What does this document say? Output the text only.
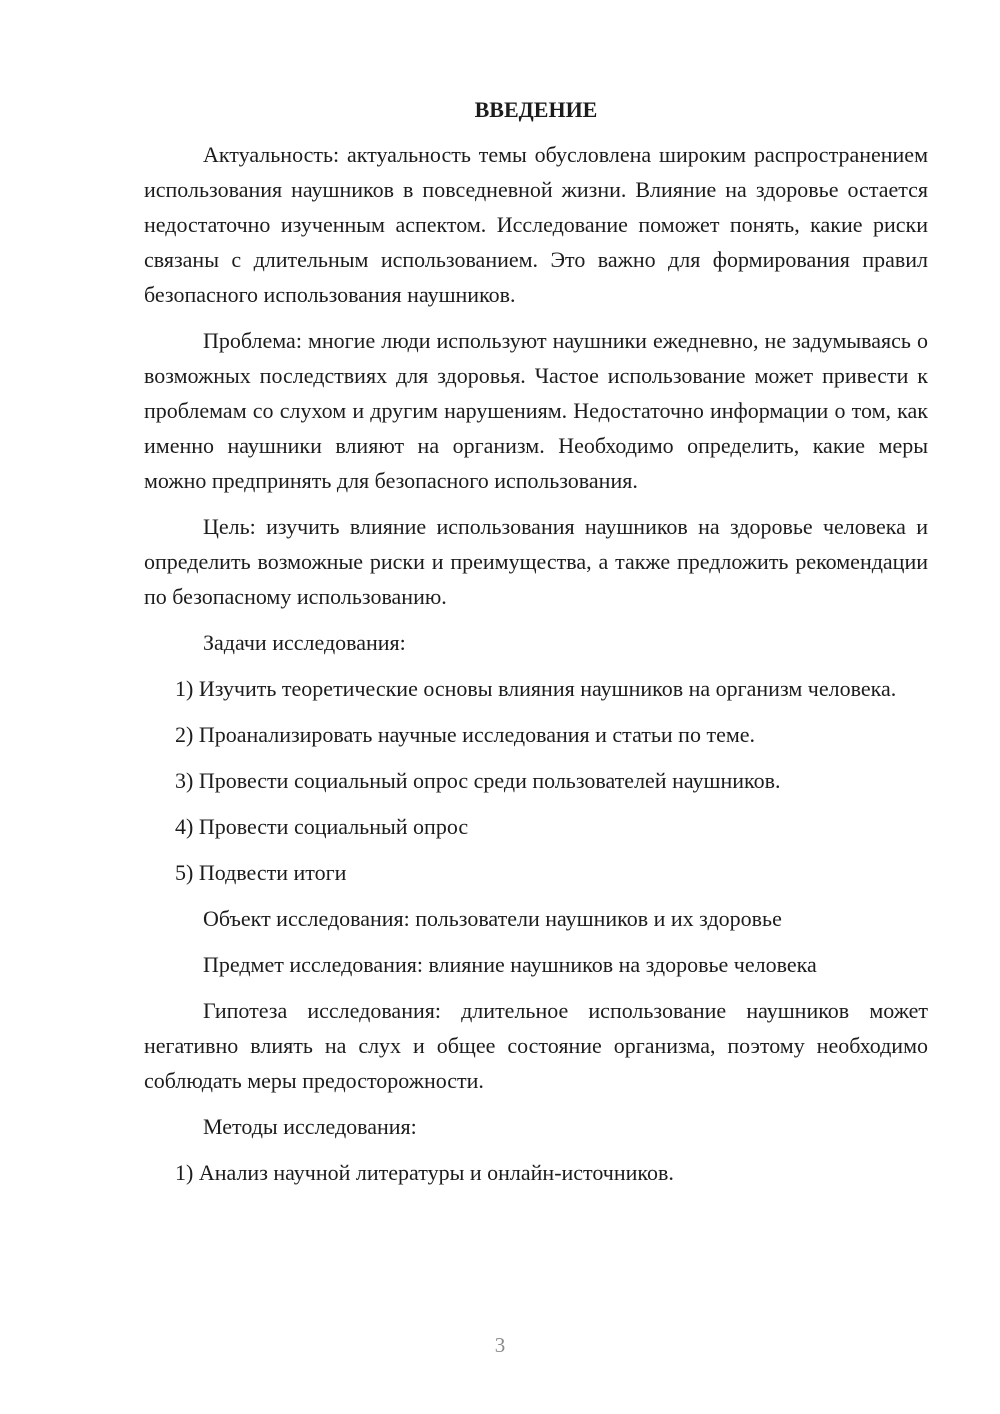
ВВЕДЕНИЕ

Актуальность: актуальность темы обусловлена широким распространением использования наушников в повседневной жизни. Влияние на здоровье остается недостаточно изученным аспектом. Исследование поможет понять, какие риски связаны с длительным использованием. Это важно для формирования правил безопасного использования наушников.

Проблема: многие люди используют наушники ежедневно, не задумываясь о возможных последствиях для здоровья. Частое использование может привести к проблемам со слухом и другим нарушениям. Недостаточно информации о том, как именно наушники влияют на организм. Необходимо определить, какие меры можно предпринять для безопасного использования.

Цель: изучить влияние использования наушников на здоровье человека и определить возможные риски и преимущества, а также предложить рекомендации по безопасному использованию.

Задачи исследования:

1) Изучить теоретические основы влияния наушников на организм человека.

2) Проанализировать научные исследования и статьи по теме.

3) Провести социальный опрос среди пользователей наушников.

4) Провести социальный опрос

5) Подвести итоги

Объект исследования: пользователи наушников и их здоровье

Предмет исследования: влияние наушников на здоровье человека

Гипотеза исследования: длительное использование наушников может негативно влиять на слух и общее состояние организма, поэтому необходимо соблюдать меры предосторожности.

Методы исследования:

1) Анализ научной литературы и онлайн-источников.

3
